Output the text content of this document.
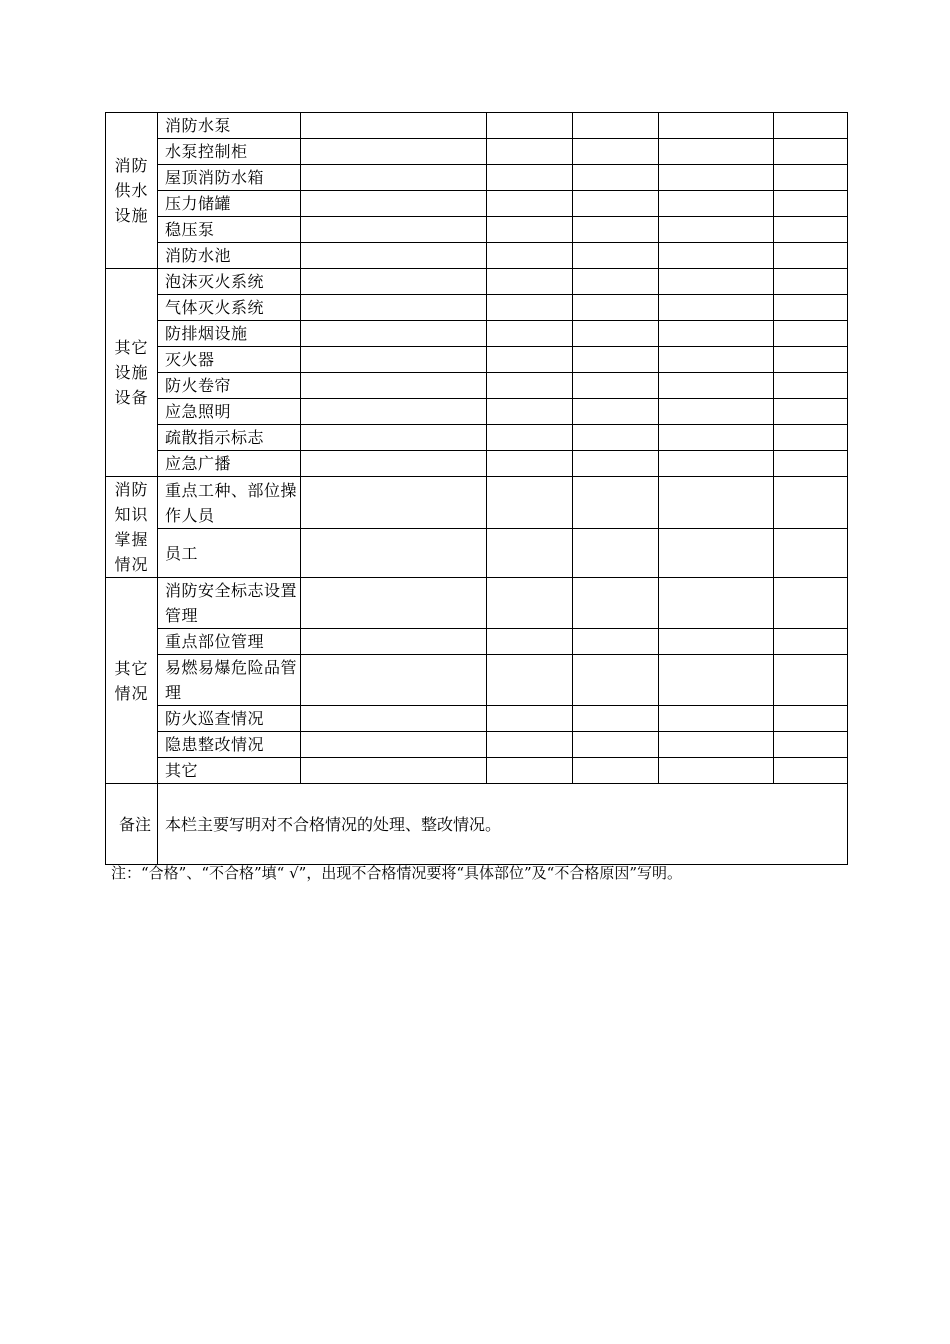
消防供水设施	消防水泵					
	水泵控制柜					
	屋顶消防水箱					
	压力储罐					
	稳压泵					
	消防水池					
其它设施设备	泡沫灭火系统					
	气体灭火系统					
	防排烟设施					
	灭火器					
	防火卷帘					
	应急照明					
	疏散指示标志					
	应急广播					
消防知识掌握情况	重点工种、部位操作人员					
	员工					
其它情况	消防安全标志设置管理					
	重点部位管理					
	易燃易爆危险品管理					
	防火巡查情况					
	隐患整改情况					
	其它					
备注	本栏主要写明对不合格情况的处理、整改情况。					
注：“合格”、“不合格”填“ √”，出现不合格情况要将“具体部位”及“不合格原因”写明。
